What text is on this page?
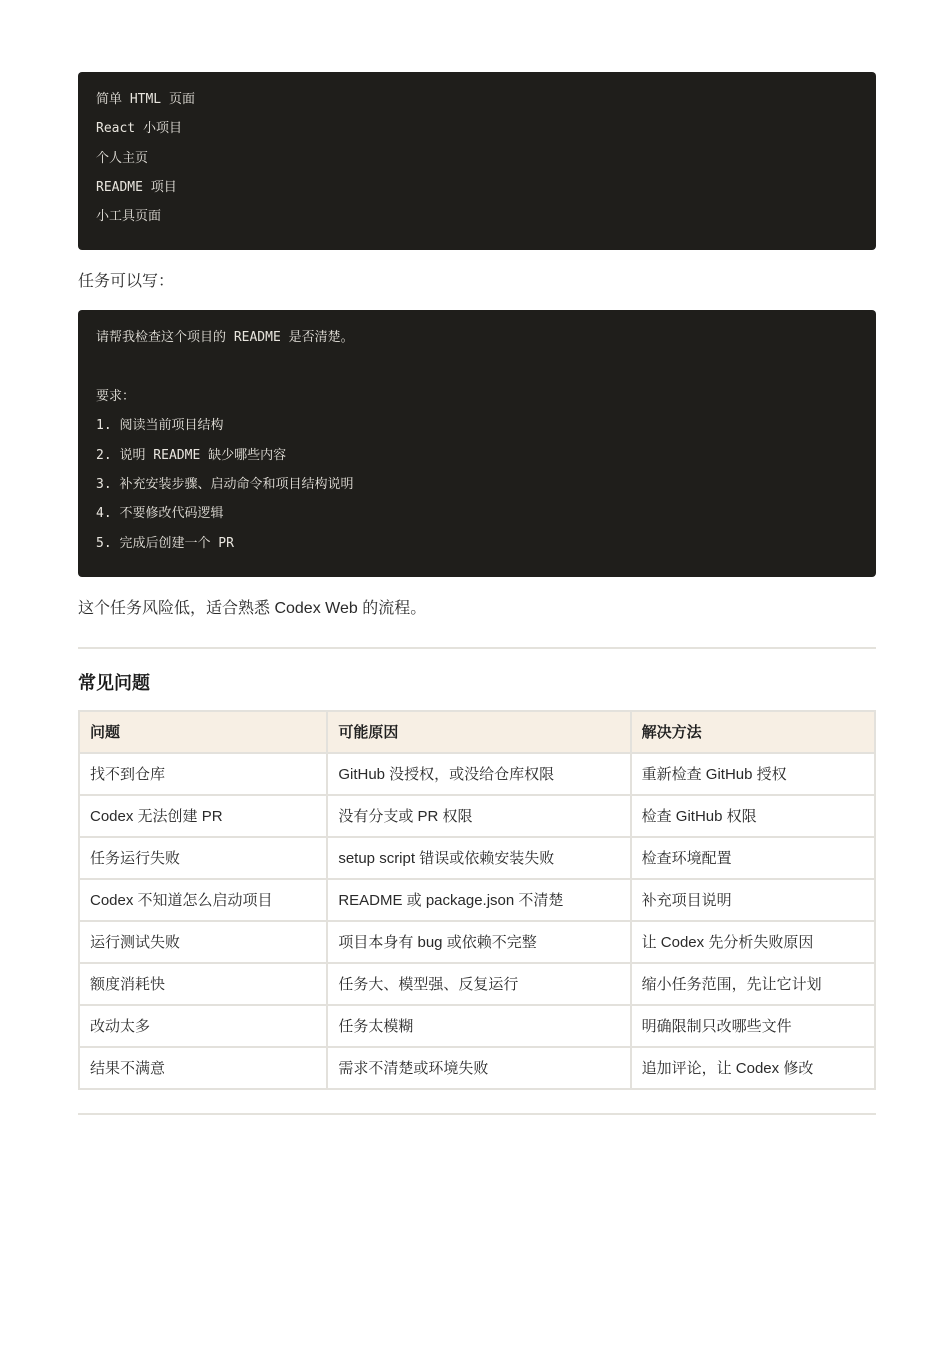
简单 HTML 页面
React 小项目
个人主页
README 项目
小工具页面

任务可以写：

请帮我检查这个项目的 README 是否清楚。
要求：
1. 阅读当前项目结构
2. 说明 README 缺少哪些内容
3. 补充安装步骤、启动命令和项目结构说明
4. 不要修改代码逻辑
5. 完成后创建一个 PR

这个任务风险低，适合熟悉 Codex Web 的流程。

常见问题
问题	可能原因	解决方法
找不到仓库	GitHub 没授权，或没给仓库权限	重新检查 GitHub 授权
Codex 无法创建 PR	没有分支或 PR 权限	检查 GitHub 权限
任务运行失败	setup script 错误或依赖安装失败	检查环境配置
Codex 不知道怎么启动项目	README 或 package.json 不清楚	补充项目说明
运行测试失败	项目本身有 bug 或依赖不完整	让 Codex 先分析失败原因
额度消耗快	任务大、模型强、反复运行	缩小任务范围，先让它计划
改动太多	任务太模糊	明确限制只改哪些文件
结果不满意	需求不清楚或环境失败	追加评论，让 Codex 修改
